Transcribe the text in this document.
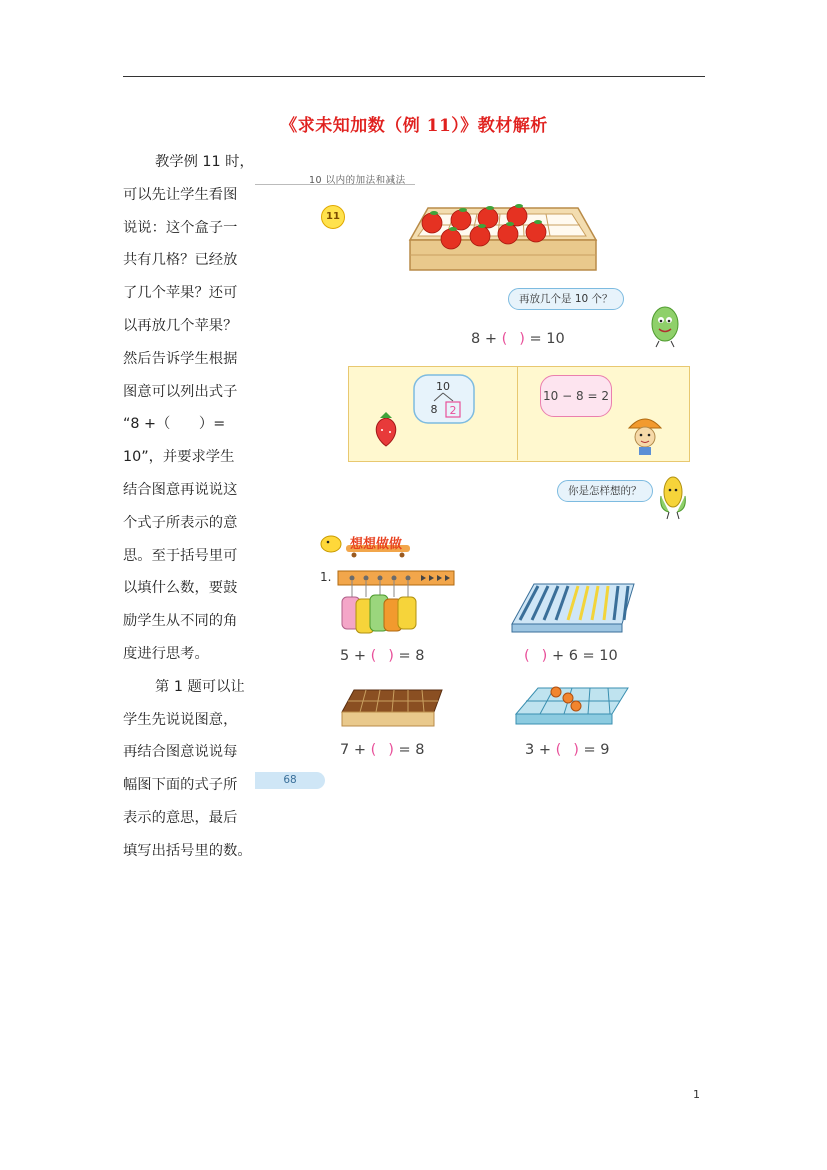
《求未知加数（例 11）》教材解析
教学例 11 时，
可以先让学生看图
说说：这个盒子一
共有几格？已经放
了几个苹果？还可
以再放几个苹果？
然后告诉学生根据
图意可以列出式子
“8 +（　　）=
10”，并要求学生
结合图意再说说这
个式子所表示的意
思。至于括号里可
以填什么数，要鼓
励学生从不同的角
度进行思考。
第 1 题可以让
学生先说说图意，
再结合图意说说每
幅图下面的式子所
表示的意思，最后
填写出括号里的数。
10 以内的加法和减法
11
再放几个是 10 个？
8 + ( ) = 10
10
8 2
10 − 8 = 2
你是怎样想的？
想想做做
1.
5 + ( ) = 8	( ) + 6 = 10
7 + ( ) = 8	3 + ( ) = 9
68
1
